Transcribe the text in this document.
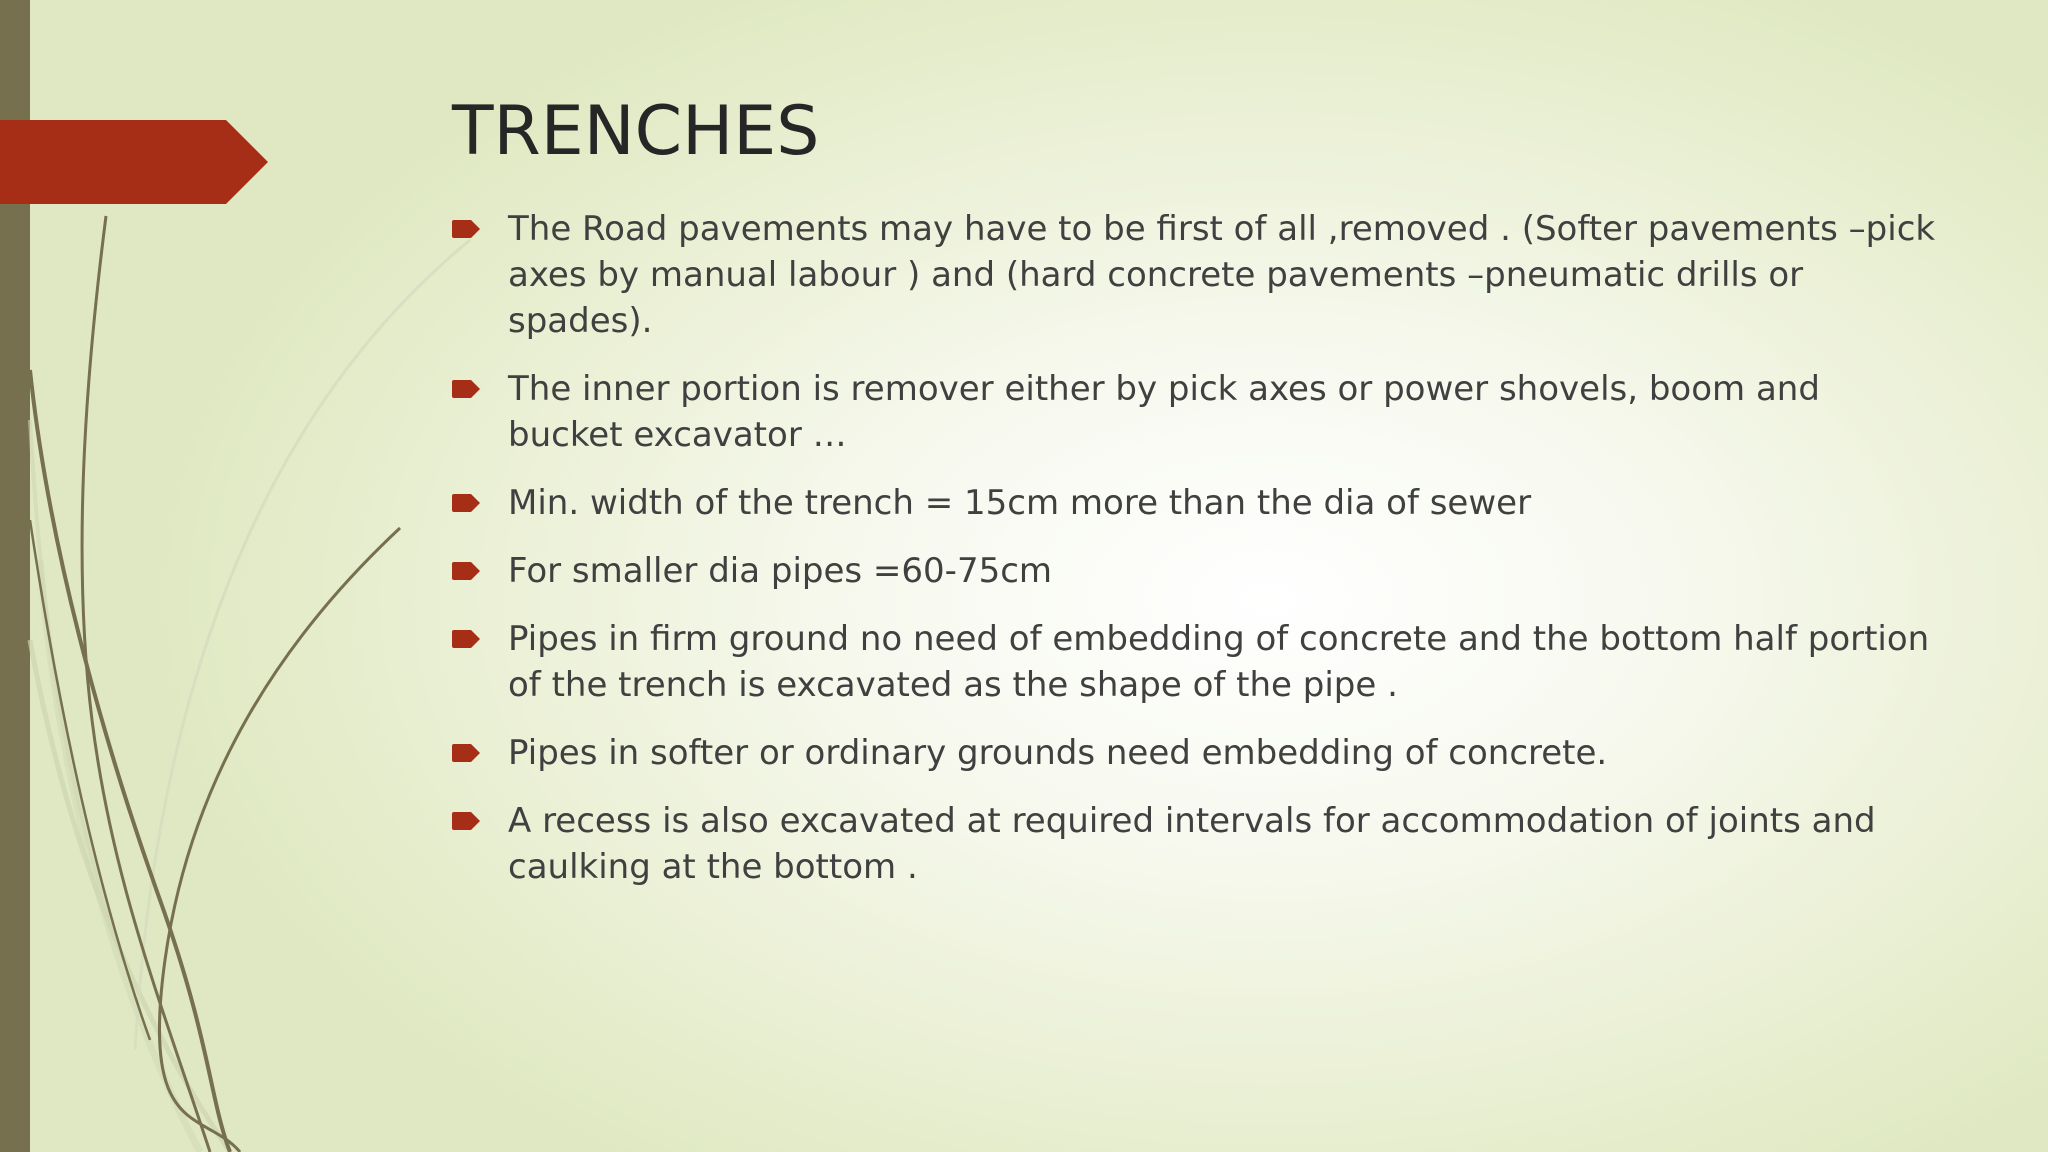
TRENCHES
The Road pavements may have to be first of all ,removed . (Softer pavements –pick axes by manual labour ) and (hard concrete pavements –pneumatic drills or spades).
The inner portion is remover either by pick axes or power shovels, boom and bucket excavator …
Min. width of the trench = 15cm more than the dia of sewer
For smaller dia pipes =60-75cm
Pipes in firm ground no need of embedding of concrete and the bottom half portion of the trench is excavated as the shape of the pipe .
Pipes in softer or ordinary grounds need embedding of concrete.
A recess is also excavated at required intervals for accommodation of joints and caulking at the bottom .
